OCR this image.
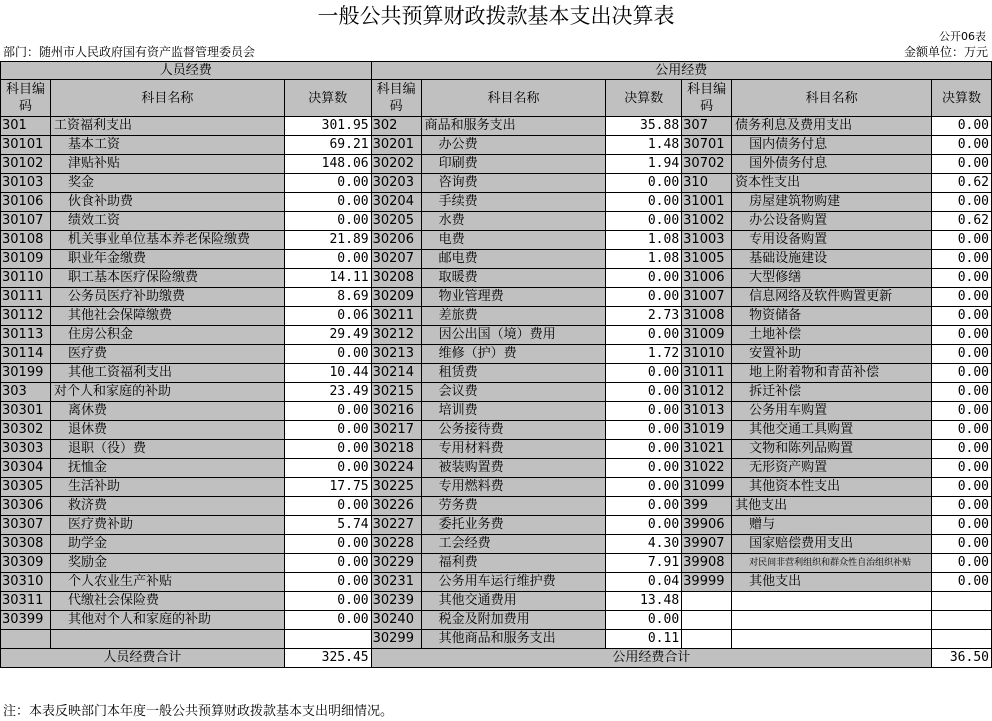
一般公共预算财政拨款基本支出决算表
公开06表
部门：随州市人民政府国有资产监督管理委员会	金额单位：万元
人员经费			公用经费					
科目编码	科目名称	决算数	科目编码	科目名称	决算数	科目编码	科目名称	决算数
301	工资福利支出	301.95	302	商品和服务支出	35.88	307	债务利息及费用支出	0.00
30101	基本工资	69.21	30201	办公费	1.48	30701	国内债务付息	0.00
30102	津贴补贴	148.06	30202	印刷费	1.94	30702	国外债务付息	0.00
30103	奖金	0.00	30203	咨询费	0.00	310	资本性支出	0.62
30106	伙食补助费	0.00	30204	手续费	0.00	31001	房屋建筑物购建	0.00
30107	绩效工资	0.00	30205	水费	0.00	31002	办公设备购置	0.62
30108	机关事业单位基本养老保险缴费	21.89	30206	电费	1.08	31003	专用设备购置	0.00
30109	职业年金缴费	0.00	30207	邮电费	1.08	31005	基础设施建设	0.00
30110	职工基本医疗保险缴费	14.11	30208	取暖费	0.00	31006	大型修缮	0.00
30111	公务员医疗补助缴费	8.69	30209	物业管理费	0.00	31007	信息网络及软件购置更新	0.00
30112	其他社会保障缴费	0.06	30211	差旅费	2.73	31008	物资储备	0.00
30113	住房公积金	29.49	30212	因公出国（境）费用	0.00	31009	土地补偿	0.00
30114	医疗费	0.00	30213	维修（护）费	1.72	31010	安置补助	0.00
30199	其他工资福利支出	10.44	30214	租赁费	0.00	31011	地上附着物和青苗补偿	0.00
303	对个人和家庭的补助	23.49	30215	会议费	0.00	31012	拆迁补偿	0.00
30301	离休费	0.00	30216	培训费	0.00	31013	公务用车购置	0.00
30302	退休费	0.00	30217	公务接待费	0.00	31019	其他交通工具购置	0.00
30303	退职（役）费	0.00	30218	专用材料费	0.00	31021	文物和陈列品购置	0.00
30304	抚恤金	0.00	30224	被装购置费	0.00	31022	无形资产购置	0.00
30305	生活补助	17.75	30225	专用燃料费	0.00	31099	其他资本性支出	0.00
30306	救济费	0.00	30226	劳务费	0.00	399	其他支出	0.00
30307	医疗费补助	5.74	30227	委托业务费	0.00	39906	赠与	0.00
30308	助学金	0.00	30228	工会经费	4.30	39907	国家赔偿费用支出	0.00
30309	奖励金	0.00	30229	福利费	7.91	39908	对民间非营利组织和群众性自治组织补贴	0.00
30310	个人农业生产补贴	0.00	30231	公务用车运行维护费	0.04	39999	其他支出	0.00
30311	代缴社会保险费	0.00	30239	其他交通费用	13.48			
30399	其他对个人和家庭的补助	0.00	30240	税金及附加费用	0.00			
			30299	其他商品和服务支出	0.11			
人员经费合计		325.45	公用经费合计					36.50
注：本表反映部门本年度一般公共预算财政拨款基本支出明细情况。
